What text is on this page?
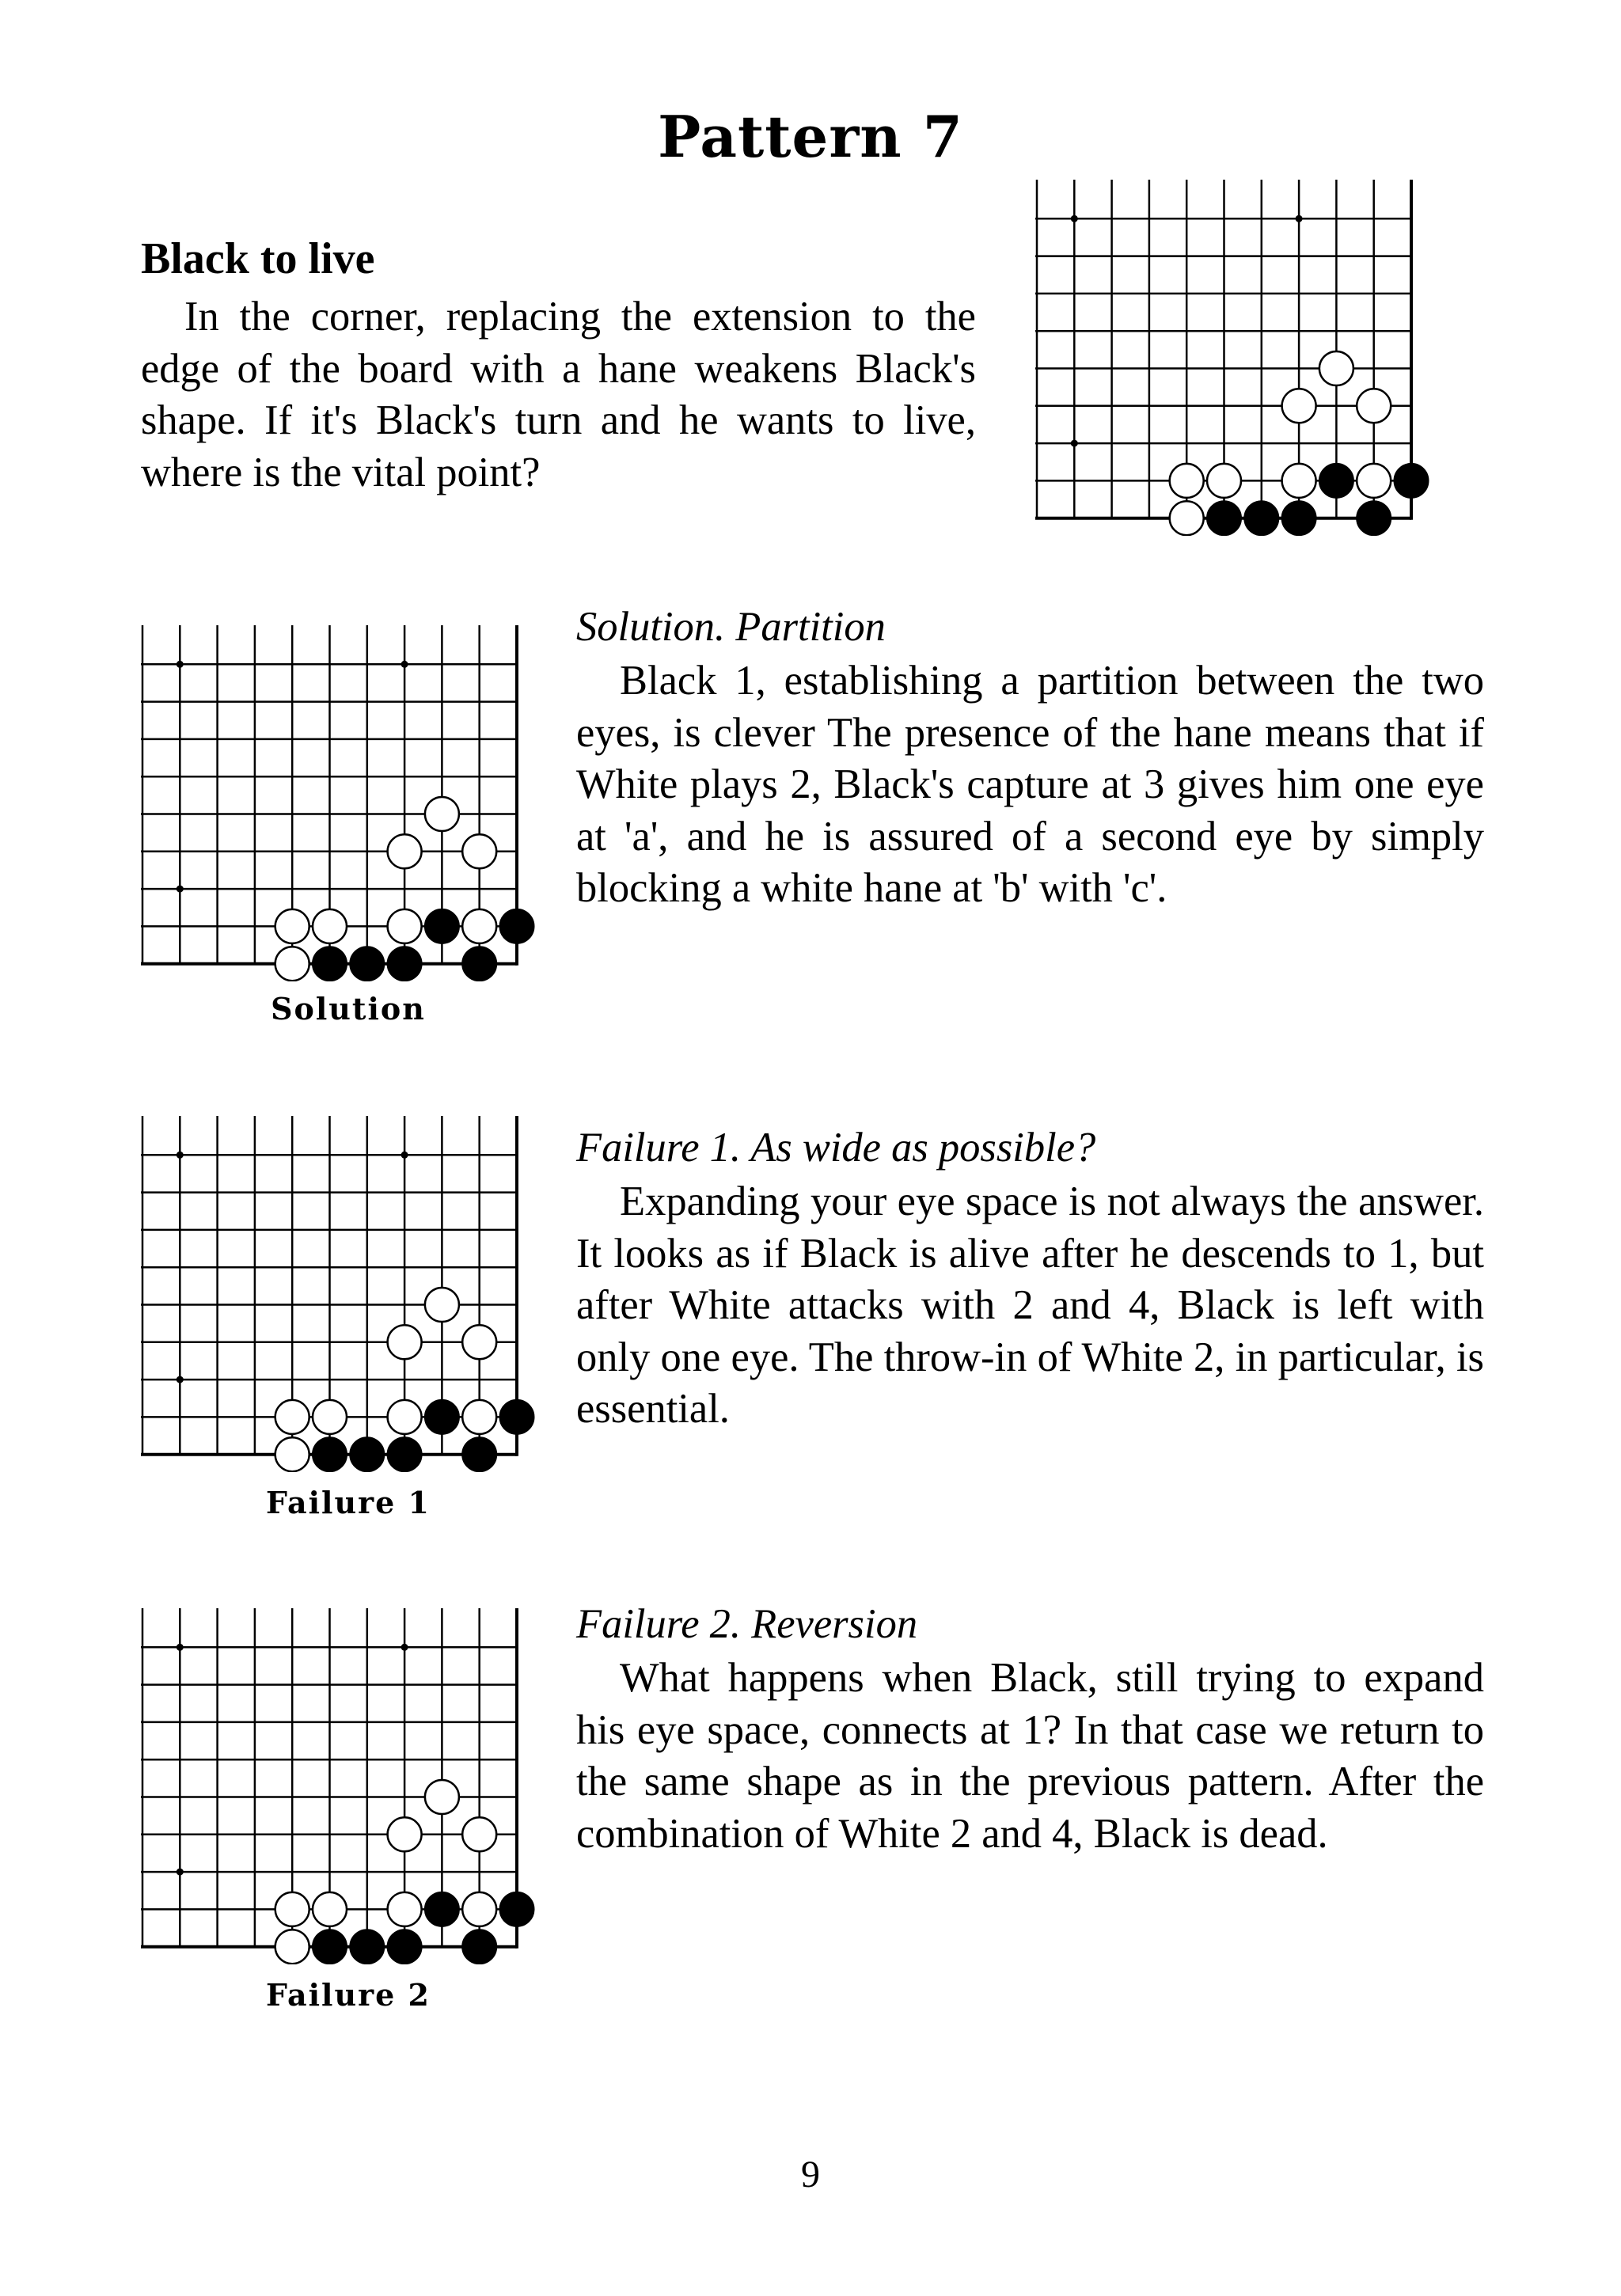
Pattern 7
Black to live

In the corner, replacing the extension to the edge of the board with a hane weakens Black's shape. If it's Black's turn and he wants to live, where is the vital point?

Solution
Solution. Partition

Black 1, establishing a partition between the two eyes, is clever The presence of the hane means that if White plays 2, Black's capture at 3 gives him one eye at 'a', and he is assured of a second eye by simply blocking a white hane at 'b' with 'c'.

Failure 1
Failure 1. As wide as possible?

Expanding your eye space is not always the answer. It looks as if Black is alive after he descends to 1, but after White attacks with 2 and 4, Black is left with only one eye. The throw-in of White 2, in particular, is essential.

Failure 2
Failure 2. Reversion

What happens when Black, still trying to expand his eye space, connects at 1? In that case we return to the same shape as in the previous pattern. After the combination of White 2 and 4, Black is dead.

9
